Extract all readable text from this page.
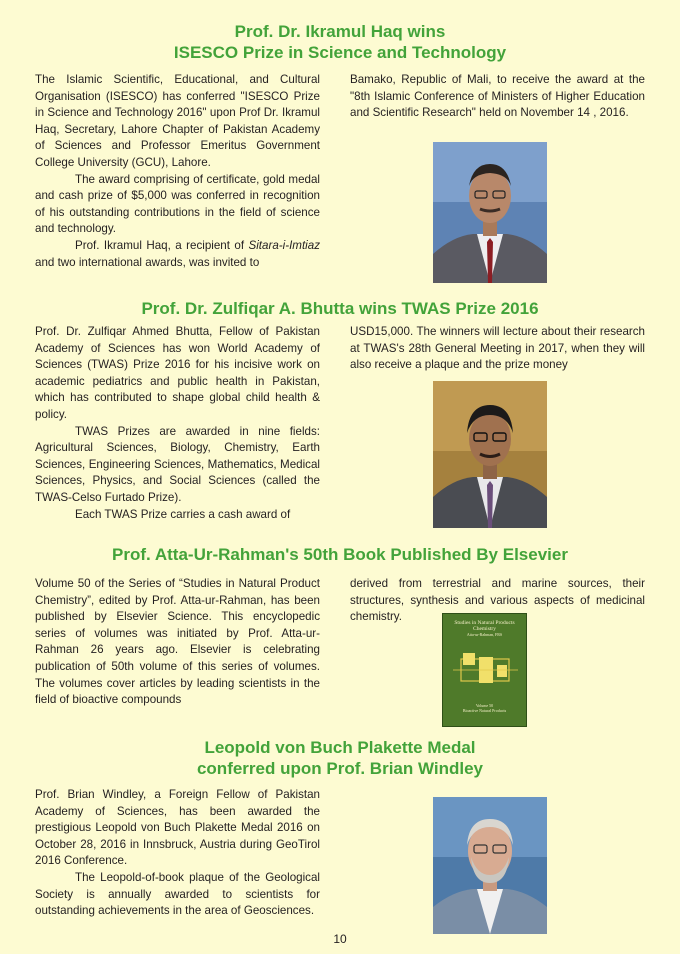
Prof. Dr. Ikramul Haq wins
ISESCO Prize in Science and Technology

The Islamic Scientific, Educational, and Cultural Organisation (ISESCO) has conferred "ISESCO Prize in Science and Technology 2016" upon Prof Dr. Ikramul Haq, Secretary, Lahore Chapter of Pakistan Academy of Sciences and Professor Emeritus Government College University (GCU), Lahore.

The award comprising of certificate, gold medal and cash prize of $5,000 was conferred in recognition of his outstanding contributions in the field of science and technology.

Prof. Ikramul Haq, a recipient of Sitara-i-Imtiaz and two international awards, was invited to

Bamako, Republic of Mali, to receive the award at the "8th Islamic Conference of Ministers of Higher Education and Scientific Research" held on November 14 , 2016.

Prof. Dr. Zulfiqar A. Bhutta wins TWAS Prize 2016

Prof. Dr. Zulfiqar Ahmed Bhutta, Fellow of Pakistan Academy of Sciences has won World Academy of Sciences (TWAS) Prize 2016 for his incisive work on academic pediatrics and public health in Pakistan, which has contributed to shape global child health & policy.

TWAS Prizes are awarded in nine fields: Agricultural Sciences, Biology, Chemistry, Earth Sciences, Engineering Sciences, Mathematics, Medical Sciences, Physics, and Social Sciences (called the TWAS-Celso Furtado Prize).

Each TWAS Prize carries a cash award of

USD15,000. The winners will lecture about their research at TWAS's 28th General Meeting in 2017, when they will also receive a plaque and the prize money

Prof. Atta-Ur-Rahman's 50th Book Published By Elsevier

Volume 50 of the Series of “Studies in Natural Product Chemistry”, edited by Prof. Atta-ur-Rahman, has been published by Elsevier Science. This encyclopedic series of volumes was initiated by Prof. Atta-ur-Rahman 26 years ago. Elsevier is celebrating publication of 50th volume of this series of volumes. The volumes cover articles by leading scientists in the field of bioactive compounds

derived from terrestrial and marine sources, their structures, synthesis and various aspects of medicinal chemistry.	Studies in Natural Products Chemistry
Atta-ur-Rahman, FRS
Volume 50
Bioactive Natural Products
Leopold von Buch Plakette Medal
conferred upon Prof. Brian Windley

Prof. Brian Windley, a Foreign Fellow of Pakistan Academy of Sciences, has been awarded the prestigious Leopold von Buch Plakette Medal 2016 on October 28, 2016 in Innsbruck, Austria during GeoTirol 2016 Conference.

The Leopold-of-book plaque of the Geological Society is annually awarded to scientists for outstanding achievements in the area of Geosciences.

10
